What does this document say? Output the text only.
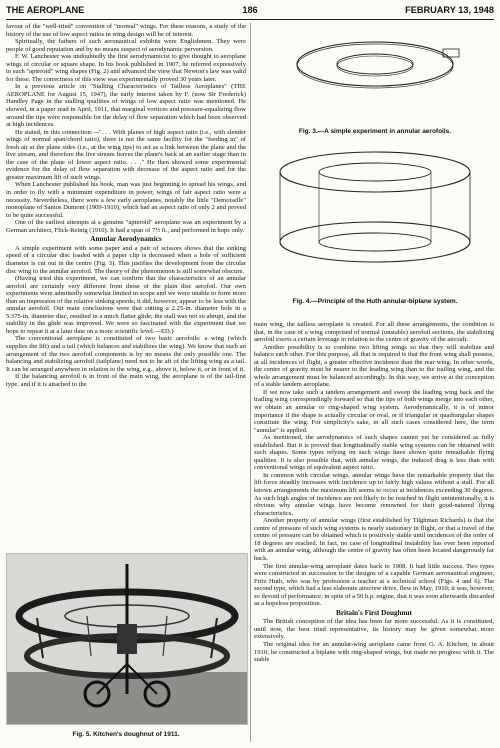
THE AEROPLANE	186	FEBRUARY 13, 1948

favour of the "well-tried" convention of "normal" wings. For these reasons, a study of the history of the use of low aspect ratios in wing design will be of interest.

Spiritually, the fathers of such aeronautical exhibits were Englishmen. They were people of good reputation and by no means suspect of aerodynamic perversion.

F. W. Lanchester was undoubtedly the first aerodynamicist to give thought to aeroplane wings of circular or square shape. In his book published in 1907, he referred expressively to such "apteroid" wing shapes (Fig. 2) and advanced the view that Newton's law was valid for these. The correctness of this view was experimentally proved 30 years later.

In a previous article on "Stalling Characteristics of Tailless Aeroplanes" (THE AEROPLANE for August 15, 1947), the early interest taken by F. (now Sir Frederick) Handley Page in the stalling qualities of wings of low aspect ratio was mentioned. He showed, in a paper read in April, 1911, that marginal vortices and pressure-equalizing flow around the tips were responsible for the delay of flow separation which had been observed at high incidences.

He stated, in this connection:—". . . With planes of high aspect ratio (i.e., with slender wings of normal span/chord ratio), there is not the same facility for the "feeding in" of fresh air at the plane sides (i.e., at the wing tips) to act as a link between the plane and the live stream, and therefore the live stream leaves the plane's back at an earlier stage than in the case of the plane of lower aspect ratio. . . ." He then showed some experimental evidence for the delay of flow separation with decrease of the aspect ratio and for the greater maximum lift of such wings.

When Lanchester published his book, man was just beginning to spread his wings, and in order to fly with a minimum expenditure in power, wings of fair aspect ratio were a necessity. Nevertheless, there were a few early aeroplanes, notably the little "Demoiselle" monoplane of Santos Dumont (1909-1910), which had an aspect ratio of only 2 and proved to be quite successful.

One of the earliest attempts at a genuine "apteroid" aeroplane was an experiment by a German architect, Flick-Reinig (1910). It had a span of 7½ ft., and performed in hops only.

Annular Aerodynamics

A simple experiment with some paper and a pair of scissors shows that the sinking speed of a circular disc loaded with a paper clip is decreased when a hole of sufficient diameter is cut out in the centre (Fig. 3). This justifies the development from the circular disc wing to the annular aerofoil. The theory of the phenomenon is still somewhat obscure.

(Having tried this experiment, we can confirm that the characteristics of an annular aerofoil are certainly very different from those of the plain disc aerofoil. Our own experiments were admittedly somewhat limited in scope and we were unable to form more than an impression of the relative sinking speeds; it did, however, appear to be less with the annular aerofoil. Our main conclusions were that cutting a 2.25-in. diameter hole in a 5.375-in. diameter disc, resulted in a much flatter glide; the stall was not so abrupt, and the stability in the glide was improved. We were so fascinated with the experiment that we hope to repeat it at a later date on a more scientific level.—ED.)

The conventional aeroplane is constituted of two basic aerofoils: a wing (which supplies the lift) and a tail (which balances and stabilizes the wing). We know that such an arrangement of the two aerofoil components is by no means the only possible one. The balancing and stabilizing aerofoil (tailplane) need not to be aft of the lifting wing as a tail. It can be arranged anywhere in relation to the wing, e.g., above it, below it, or in front of it.

If the balancing aerofoil is in front of the main wing, the aeroplane is of the tail-first type, and if it is attached to the

Fig. 3.—A simple experiment in annular aerofoils.
Fig. 4.—Principle of the Huth annular-biplane system.

main wing, the tailless aeroplane is created. For all these arrangements, the condition is that, in the case of a wing comprised of normal (unstable) aerofoil sections, the stabilizing aerofoil exerts a certain leverage in relation to the centre of gravity of the aircraft.

Another possibility is to combine two lifting wings so that they will stabilize and balance each other. For this purpose, all that is required is that the front wing shall possess, at all incidences of flight, a greater effective incidence than the rear wing. In other words, the centre of gravity must be nearer to the leading wing than to the trailing wing, and the whole arrangement must be balanced accordingly. In this way, we arrive at the conception of a stable tandem aeroplane.

If we now take such a tandem arrangement and sweep the leading wing back and the trailing wing correspondingly forward so that the tips of both wings merge into each other, we obtain an annular or ring-shaped wing system. Aerodynamically, it is of minor importance if the shape is actually circular or oval, or if triangular or quadrangular shapes constitute the wing. For simplicity's sake, in all such cases considered here, the term "annular" is applied.

As mentioned, the aerodynamics of such shapes cannot yet be considered as fully established. But it is proved that longitudinally stable wing systems can be obtained with such shapes. Some types relying on such wings have shown quite remarkable flying qualities. It is also possible that, with annular wings, the induced drag is less than with conventional wings of equivalent aspect ratio.

In common with circular wings, annular wings have the remarkable property that the lift force steadily increases with incidence up to fairly high values without a stall. For all known arrangements the maximum lift seems to occur at incidences exceeding 30 degrees. As such high angles of incidence are not likely to be reached in flight unintentionally, it is obvious why annular wings have become renowned for their good-natured flying characteristics.

Another property of annular wings (first established by Tilghman Richards) is that the centre of pressure of such wing systems is nearly stationary in flight, or that a travel of the centre of pressure can be obtained which is positively stable until incidences of the order of 18 degrees are reached. In fact, no case of longitudinal instability has ever been reported with an annular wing, although the centre of gravity has often been located dangerously far back.

The first annular-wing aeroplane dates back to 1908. It had little success. Two types were constructed in succession to the designs of a capable German aeronautical engineer, Fritz Huth, who was by profession a teacher at a technical school (Figs. 4 and 6). The second type, which had a less elaborate airscrew drive, flew in May, 1910; it was, however, so devoid of performance, in spite of a 50 h.p. engine, that it was soon afterwards discarded as a hopeless proposition.

Britain's First Doughnut

The British conception of the idea has been far more successful. As it is constituted, until now, the best tried representative, its history may be given somewhat more extensively.

The original idea for an annular-wing aeroplane came from G. A. Kitchen, in about 1910; he constructed a biplane with ring-shaped wings, but made no progress with it. The stable

Fig. 5. Kitchen's doughnut of 1911.
